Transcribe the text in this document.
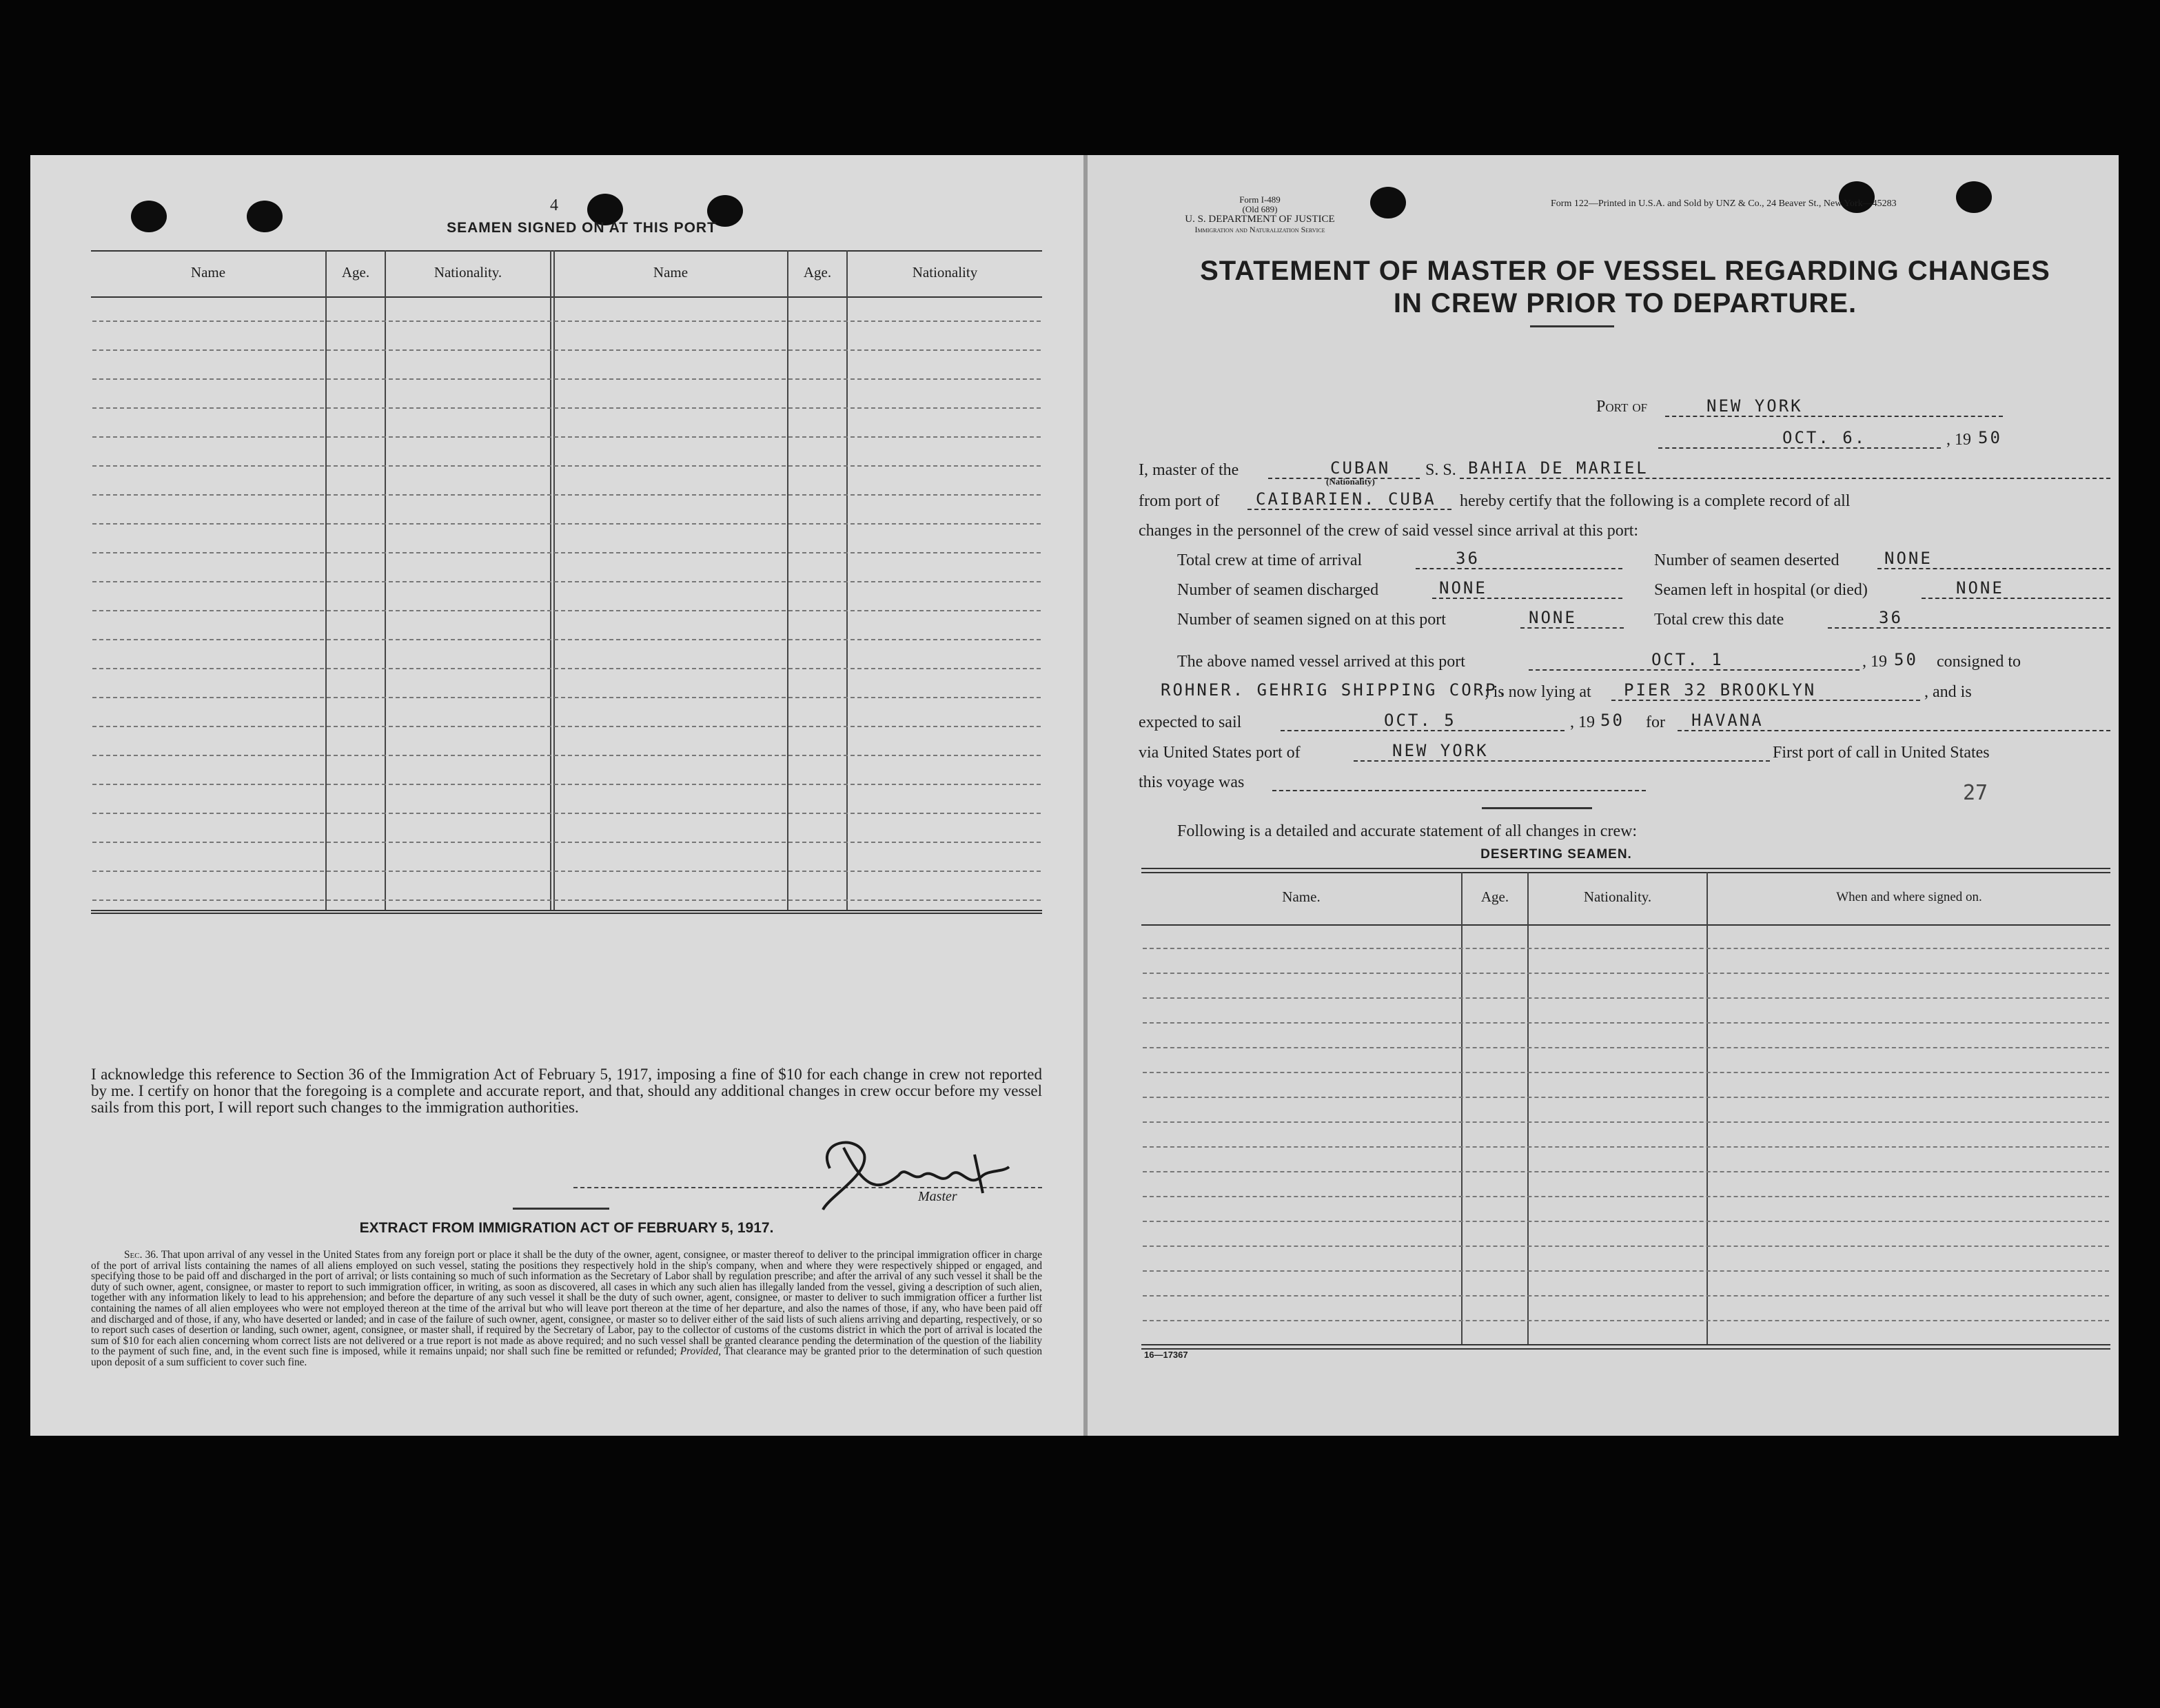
4
SEAMEN SIGNED ON AT THIS PORT
Name	Age.	Nationality.	Name	Age.	Nationality
I acknowledge this reference to Section 36 of the Immigration Act of February 5, 1917, imposing a fine of $10 for each change in crew not reported by me. I certify on honor that the foregoing is a complete and accurate report, and that, should any additional changes in crew occur before my vessel sails from this port, I will report such changes to the immigration authorities.
Master
EXTRACT FROM IMMIGRATION ACT OF FEBRUARY 5, 1917.
Sec. 36. That upon arrival of any vessel in the United States from any foreign port or place it shall be the duty of the owner, agent, consignee, or master thereof to deliver to the principal immigration officer in charge of the port of arrival lists containing the names of all aliens employed on such vessel, stating the positions they respectively hold in the ship's company, when and where they were respectively shipped or engaged, and specifying those to be paid off and discharged in the port of arrival; or lists containing so much of such information as the Secretary of Labor shall by regulation prescribe; and after the arrival of any such vessel it shall be the duty of such owner, agent, consignee, or master to report to such immigration officer, in writing, as soon as discovered, all cases in which any such alien has illegally landed from the vessel, giving a description of such alien, together with any information likely to lead to his apprehension; and before the departure of any such vessel it shall be the duty of such owner, agent, consignee, or master to deliver to such immigration officer a further list containing the names of all alien employees who were not employed thereon at the time of the arrival but who will leave port thereon at the time of her departure, and also the names of those, if any, who have been paid off and discharged and of those, if any, who have deserted or landed; and in case of the failure of such owner, agent, consignee, or master so to deliver either of the said lists of such aliens arriving and departing, respectively, or so to report such cases of desertion or landing, such owner, agent, consignee, or master shall, if required by the Secretary of Labor, pay to the collector of customs of the customs district in which the port of arrival is located the sum of $10 for each alien concerning whom correct lists are not delivered or a true report is not made as above required; and no such vessel shall be granted clearance pending the determination of the question of the liability to the payment of such fine, and, in the event such fine is imposed, while it remains unpaid; nor shall such fine be remitted or refunded; Provided, That clearance may be granted prior to the determination of such question upon deposit of a sum sufficient to cover such fine.
Form I-489
(Old 689)
U. S. DEPARTMENT OF JUSTICE
Immigration and Naturalization Service
Form 122—Printed in U.S.A. and Sold by UNZ & Co., 24 Beaver St., New York—45283
STATEMENT OF MASTER OF VESSEL REGARDING CHANGES
IN CREW PRIOR TO DEPARTURE.
Port of	NEW YORK
OCT. 6.	, 19 50
I, master of the	CUBAN
(Nationality)
S. S. BAHIA DE MARIEL
from port of	CAIBARIEN. CUBA	hereby certify that the following is a complete record of all
changes in the personnel of the crew of said vessel since arrival at this port:
Total crew at time of arrival	36	Number of seamen deserted	NONE
Number of seamen discharged	NONE	Seamen left in hospital (or died)	NONE
Number of seamen signed on at this port	NONE	Total crew this date	36
The above named vessel arrived at this port	OCT. 1	, 19 50	consigned to
ROHNER. GEHRIG SHIPPING CORP.
; is now lying at	PIER 32 BROOKLYN	, and is
expected to sail	OCT. 5	, 19 50	for	HAVANA
via United States port of	NEW YORK	First port of call in United States
this voyage was	27
Following is a detailed and accurate statement of all changes in crew:
DESERTING SEAMEN.
Name.	Age.	Nationality.	When and where signed on.
16—17367
